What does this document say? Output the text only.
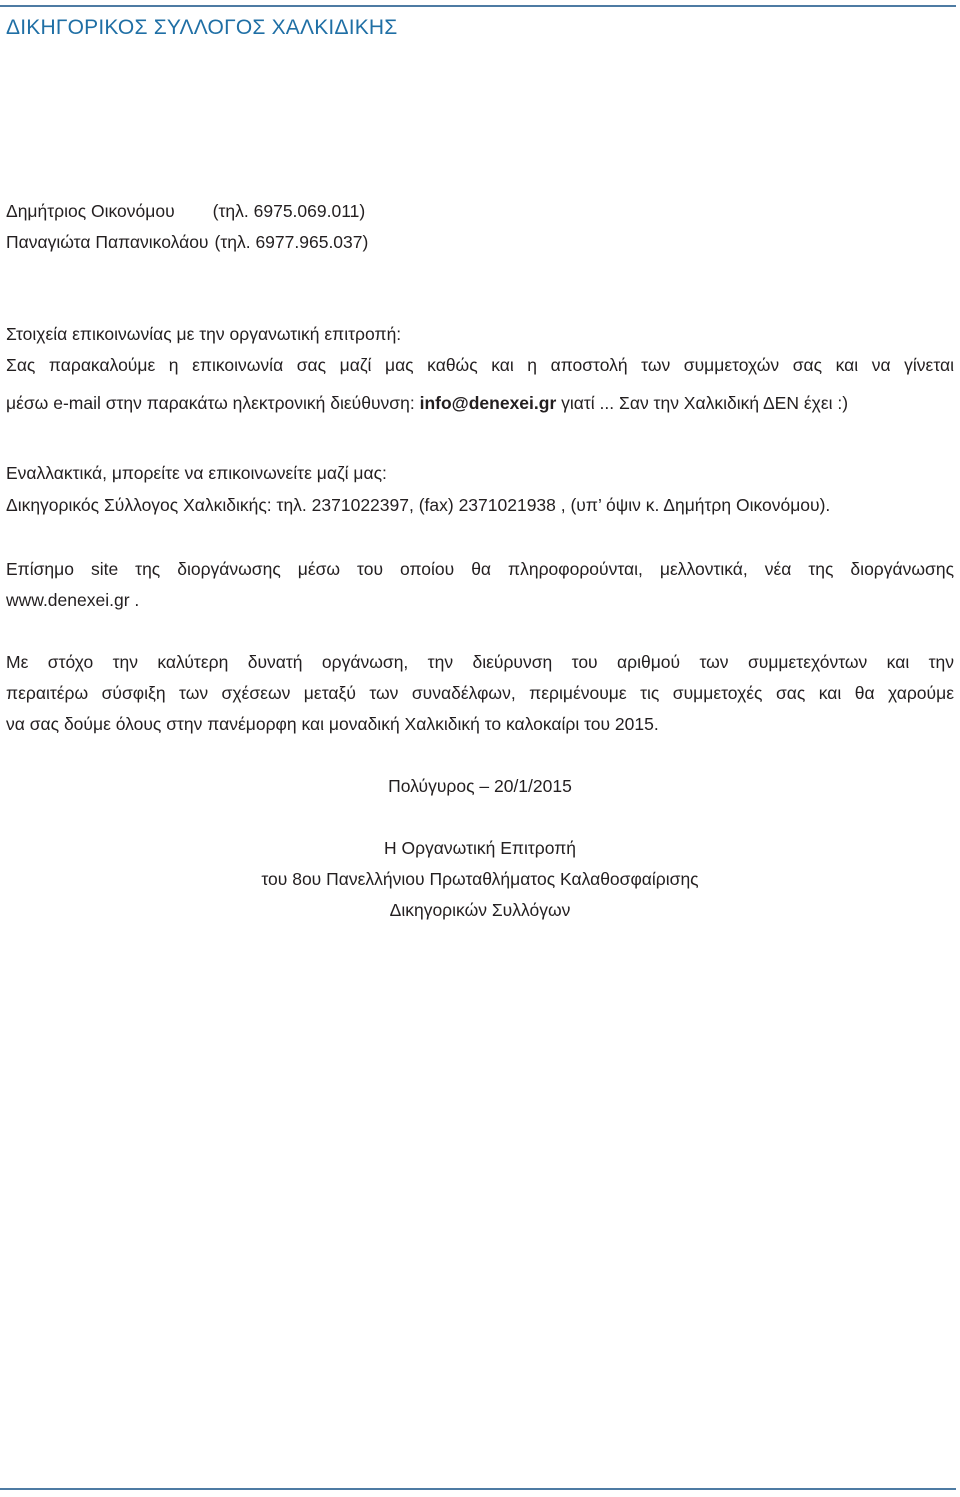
ΔΙΚΗΓΟΡΙΚΟΣ ΣΥΛΛΟΓΟΣ ΧΑΛΚΙΔΙΚΗΣ
Δημήτριος Οικονόμου (τηλ. 6975.069.011)
Παναγιώτα Παπανικολάου (τηλ. 6977.965.037)
Στοιχεία επικοινωνίας με την οργανωτική επιτροπή:
Σας παρακαλούμε η επικοινωνία σας μαζί μας καθώς και η αποστολή των συμμετοχών σας και να γίνεται
μέσω e-mail στην παρακάτω ηλεκτρονική διεύθυνση: info@denexei.gr γιατί ... Σαν την Χαλκιδική ΔΕΝ έχει :)
Εναλλακτικά, μπορείτε να επικοινωνείτε μαζί μας:
Δικηγορικός Σύλλογος Χαλκιδικής: τηλ. 2371022397, (fax) 2371021938 , (υπ’ όψιν κ. Δημήτρη Οικονόμου).
Επίσημο site της διοργάνωσης μέσω του οποίου θα πληροφορούνται, μελλοντικά, νέα της διοργάνωσης
www.denexei.gr .
Με στόχο την καλύτερη δυνατή οργάνωση, την διεύρυνση του αριθμού των συμμετεχόντων και την
περαιτέρω σύσφιξη των σχέσεων μεταξύ των συναδέλφων, περιμένουμε τις συμμετοχές σας και θα χαρούμε
να σας δούμε όλους στην πανέμορφη και μοναδική Χαλκιδική το καλοκαίρι του 2015.
Πολύγυρος – 20/1/2015
Η Οργανωτική Επιτροπή
του 8ου Πανελλήνιου Πρωταθλήματος Καλαθοσφαίρισης
Δικηγορικών Συλλόγων
